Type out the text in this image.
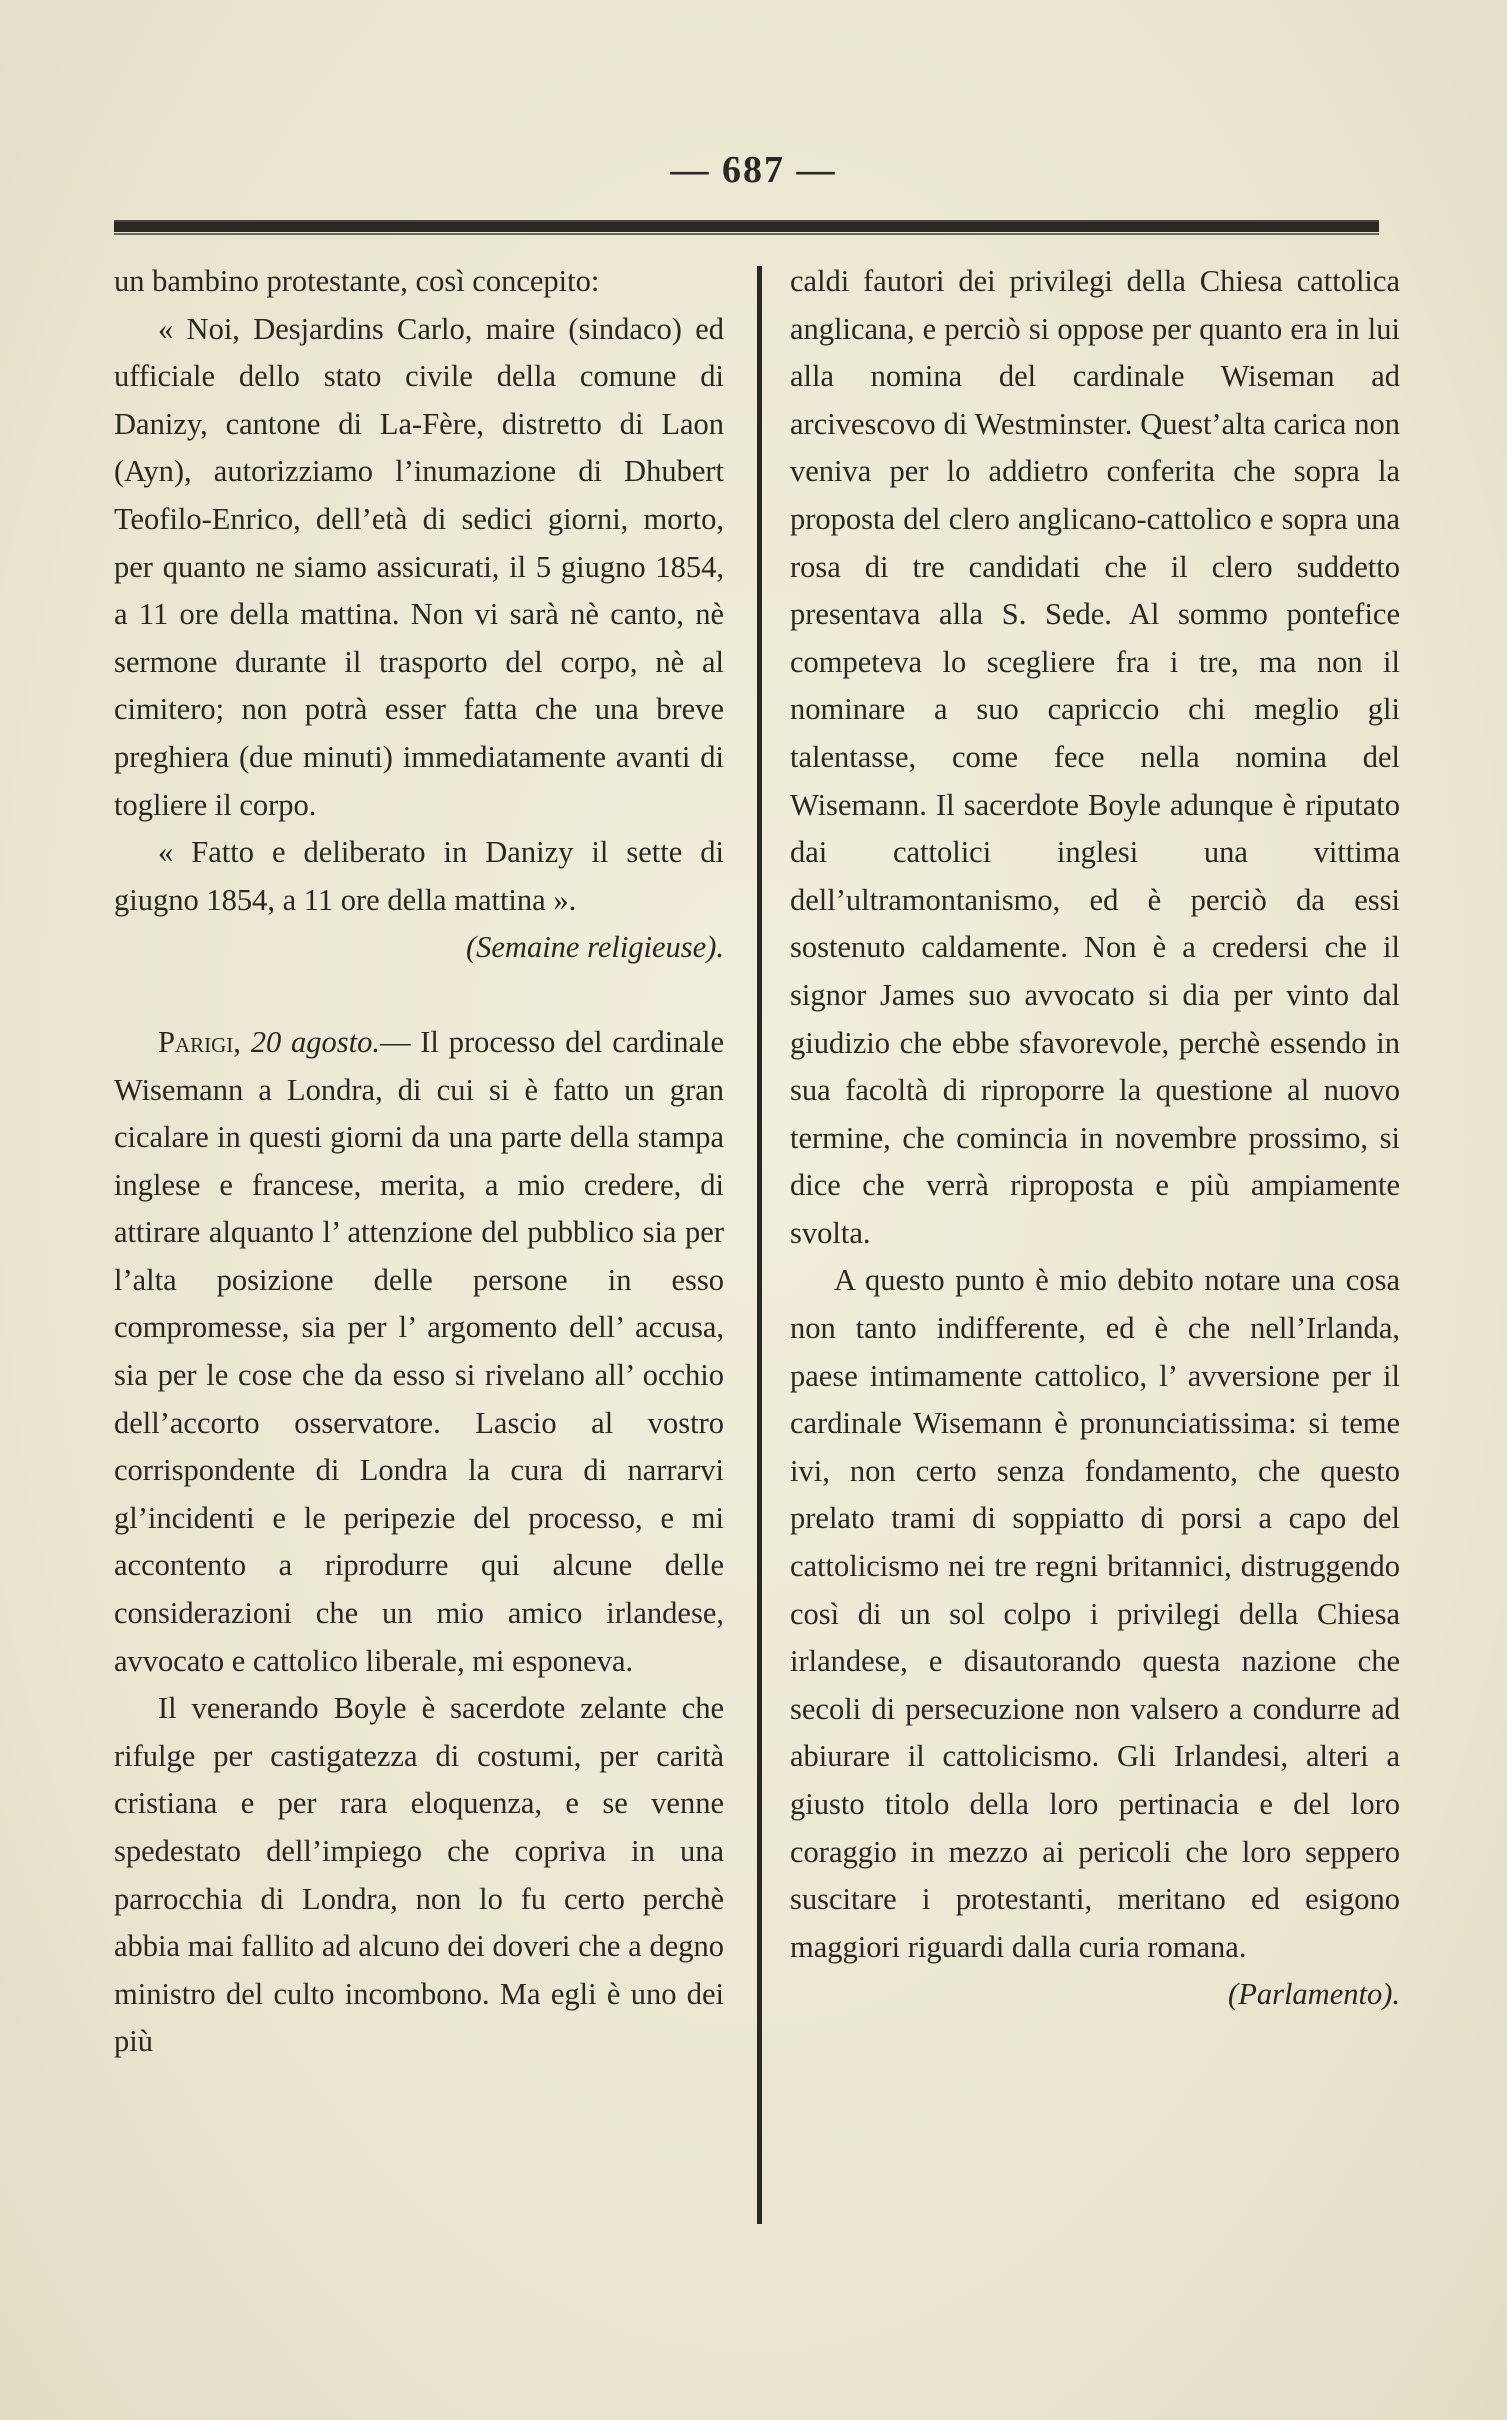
— 687 —

un bambino protestante, così concepito:

« Noi, Desjardins Carlo, maire (sindaco) ed ufficiale dello stato civile della comune di Danizy, cantone di La-Fère, distretto di Laon (Ayn), autorizziamo l’inumazione di Dhubert Teofilo-Enrico, dell’età di sedici giorni, morto, per quanto ne siamo assicurati, il 5 giugno 1854, a 11 ore della mattina. Non vi sarà nè canto, nè sermone durante il trasporto del corpo, nè al cimitero; non potrà esser fatta che una breve preghiera (due minuti) immediatamente avanti di togliere il corpo.

« Fatto e deliberato in Danizy il sette di giugno 1854, a 11 ore della mattina ».

(Semaine religieuse).

Parigi, 20 agosto.— Il processo del cardinale Wisemann a Londra, di cui si è fatto un gran cicalare in questi giorni da una parte della stampa inglese e francese, merita, a mio credere, di attirare alquanto l’ attenzione del pubblico sia per l’alta posizione delle persone in esso compromesse, sia per l’ argomento dell’ accusa, sia per le cose che da esso si rivelano all’ occhio dell’accorto osservatore. Lascio al vostro corrispondente di Londra la cura di narrarvi gl’incidenti e le peripezie del processo, e mi accontento a riprodurre qui alcune delle considerazioni che un mio amico irlandese, avvocato e cattolico liberale, mi esponeva.

Il venerando Boyle è sacerdote zelante che rifulge per castigatezza di costumi, per carità cristiana e per rara eloquenza, e se venne spedestato dell’impiego che copriva in una parrocchia di Londra, non lo fu certo perchè abbia mai fallito ad alcuno dei doveri che a degno ministro del culto incombono. Ma egli è uno dei più

caldi fautori dei privilegi della Chiesa cattolica anglicana, e perciò si oppose per quanto era in lui alla nomina del cardinale Wiseman ad arcivescovo di Westminster. Quest’alta carica non veniva per lo addietro conferita che sopra la proposta del clero anglicano-cattolico e sopra una rosa di tre candidati che il clero suddetto presentava alla S. Sede. Al sommo pontefice competeva lo scegliere fra i tre, ma non il nominare a suo capriccio chi meglio gli talentasse, come fece nella nomina del Wisemann. Il sacerdote Boyle adunque è riputato dai cattolici inglesi una vittima dell’ultramontanismo, ed è perciò da essi sostenuto caldamente. Non è a credersi che il signor James suo avvocato si dia per vinto dal giudizio che ebbe sfavorevole, perchè essendo in sua facoltà di riproporre la questione al nuovo termine, che comincia in novembre prossimo, si dice che verrà riproposta e più ampiamente svolta.

A questo punto è mio debito notare una cosa non tanto indifferente, ed è che nell’Irlanda, paese intimamente cattolico, l’ avversione per il cardinale Wisemann è pronunciatissima: si teme ivi, non certo senza fondamento, che questo prelato trami di soppiatto di porsi a capo del cattolicismo nei tre regni britannici, distruggendo così di un sol colpo i privilegi della Chiesa irlandese, e disautorando questa nazione che secoli di persecuzione non valsero a condurre ad abiurare il cattolicismo. Gli Irlandesi, alteri a giusto titolo della loro pertinacia e del loro coraggio in mezzo ai pericoli che loro seppero suscitare i protestanti, meritano ed esigono maggiori riguardi dalla curia romana.

(Parlamento).
